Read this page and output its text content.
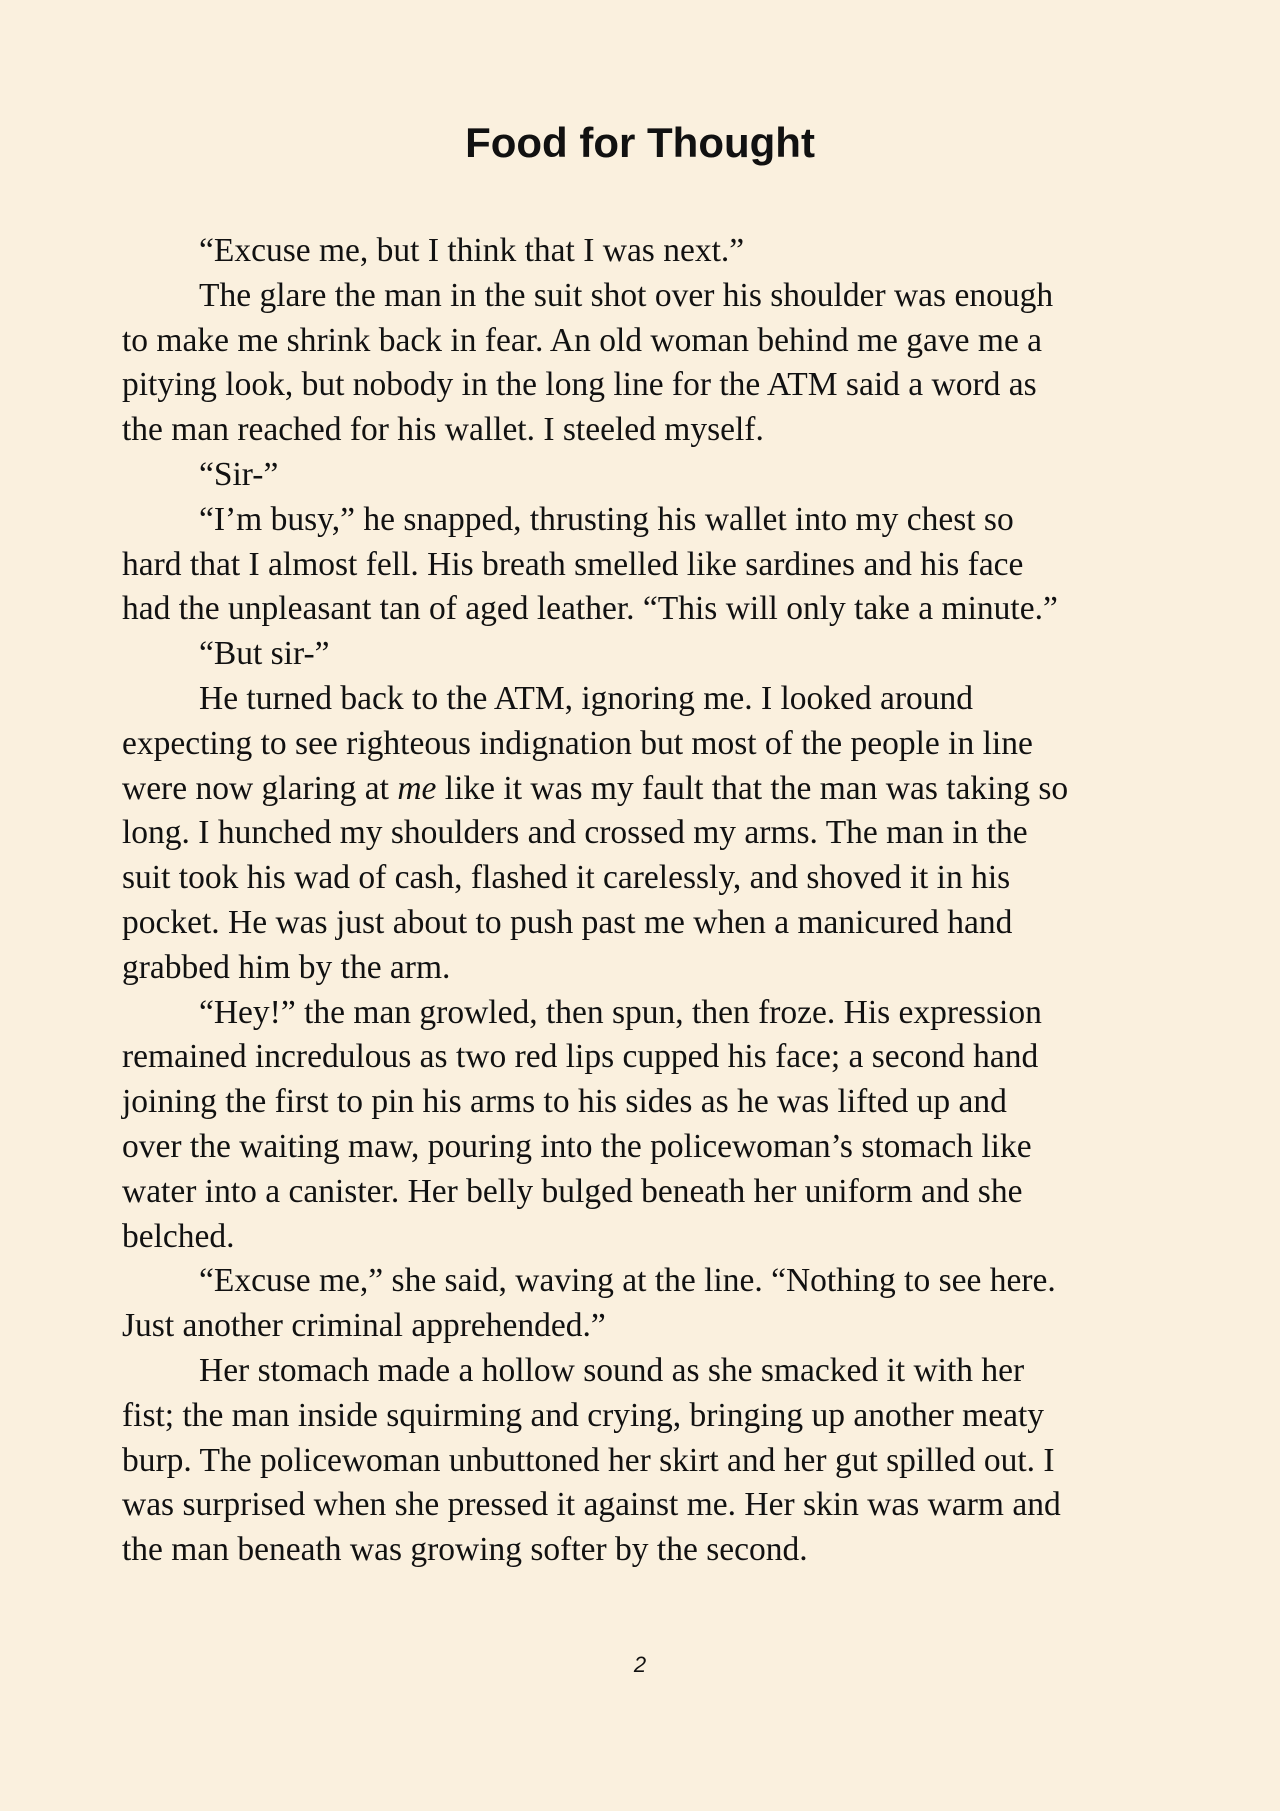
Food for Thought
“Excuse me, but I think that I was next.”
The glare the man in the suit shot over his shoulder was enough
to make me shrink back in fear. An old woman behind me gave me a
pitying look, but nobody in the long line for the ATM said a word as
the man reached for his wallet. I steeled myself.
“Sir-”
“I’m busy,” he snapped, thrusting his wallet into my chest so
hard that I almost fell. His breath smelled like sardines and his face
had the unpleasant tan of aged leather. “This will only take a minute.”
“But sir-”
He turned back to the ATM, ignoring me. I looked around
expecting to see righteous indignation but most of the people in line
were now glaring at me like it was my fault that the man was taking so
long. I hunched my shoulders and crossed my arms. The man in the
suit took his wad of cash, flashed it carelessly, and shoved it in his
pocket. He was just about to push past me when a manicured hand
grabbed him by the arm.
“Hey!” the man growled, then spun, then froze. His expression
remained incredulous as two red lips cupped his face; a second hand
joining the first to pin his arms to his sides as he was lifted up and
over the waiting maw, pouring into the policewoman’s stomach like
water into a canister. Her belly bulged beneath her uniform and she
belched.
“Excuse me,” she said, waving at the line. “Nothing to see here.
Just another criminal apprehended.”
Her stomach made a hollow sound as she smacked it with her
fist; the man inside squirming and crying, bringing up another meaty
burp. The policewoman unbuttoned her skirt and her gut spilled out. I
was surprised when she pressed it against me. Her skin was warm and
the man beneath was growing softer by the second.
2
